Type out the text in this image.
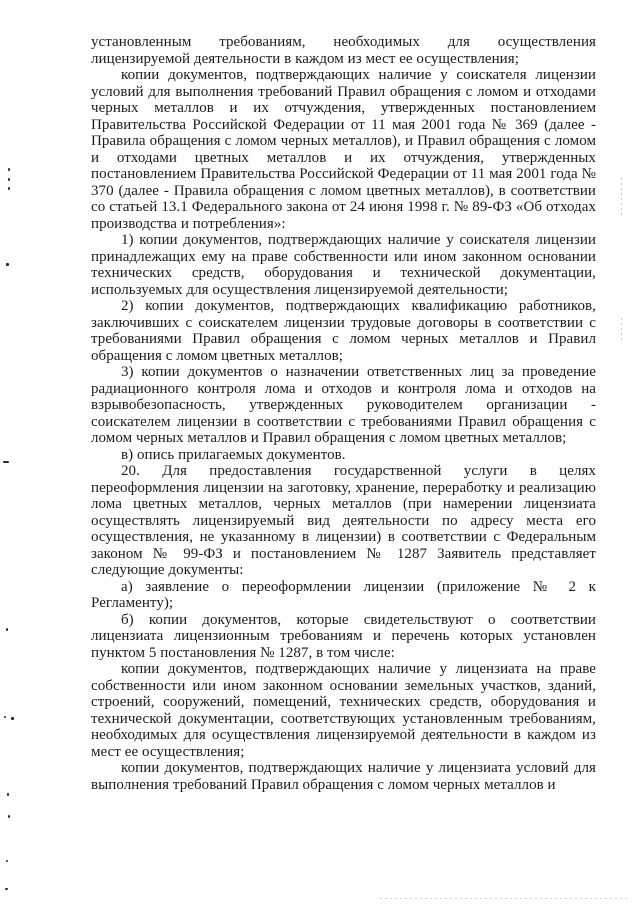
установленным требованиям, необходимых для осуществления лицензируемой деятельности в каждом из мест ее осуществления;

копии документов, подтверждающих наличие у соискателя лицензии условий для выполнения требований Правил обращения с ломом и отходами черных металлов и их отчуждения, утвержденных постановлением Правительства Российской Федерации от 11 мая 2001 года № 369 (далее - Правила обращения с ломом черных металлов), и Правил обращения с ломом и отходами цветных металлов и их отчуждения, утвержденных постановлением Правительства Российской Федерации от 11 мая 2001 года № 370 (далее - Правила обращения с ломом цветных металлов), в соответствии со статьей 13.1 Федерального закона от 24 июня 1998 г. № 89-ФЗ «Об отходах производства и потребления»:

1) копии документов, подтверждающих наличие у соискателя лицензии принадлежащих ему на праве собственности или ином законном основании технических средств, оборудования и технической документации, используемых для осуществления лицензируемой деятельности;

2) копии документов, подтверждающих квалификацию работников, заключивших с соискателем лицензии трудовые договоры в соответствии с требованиями Правил обращения с ломом черных металлов и Правил обращения с ломом цветных металлов;

3) копии документов о назначении ответственных лиц за проведение радиационного контроля лома и отходов и контроля лома и отходов на взрывобезопасность, утвержденных руководителем организации - соискателем лицензии в соответствии с требованиями Правил обращения с ломом черных металлов и Правил обращения с ломом цветных металлов;

в) опись прилагаемых документов.

20. Для предоставления государственной услуги в целях переоформления лицензии на заготовку, хранение, переработку и реализацию лома цветных металлов, черных металлов (при намерении лицензиата осуществлять лицензируемый вид деятельности по адресу места его осуществления, не указанному в лицензии) в соответствии с Федеральным законом № 99-ФЗ и постановлением № 1287 Заявитель представляет следующие документы:

а) заявление о переоформлении лицензии (приложение № 2 к Регламенту);

б) копии документов, которые свидетельствуют о соответствии лицензиата лицензионным требованиям и перечень которых установлен пунктом 5 постановления № 1287, в том числе:

копии документов, подтверждающих наличие у лицензиата на праве собственности или ином законном основании земельных участков, зданий, строений, сооружений, помещений, технических средств, оборудования и технической документации, соответствующих установленным требованиям, необходимых для осуществления лицензируемой деятельности в каждом из мест ее осуществления;

копии документов, подтверждающих наличие у лицензиата условий для выполнения требований Правил обращения с ломом черных металлов и
